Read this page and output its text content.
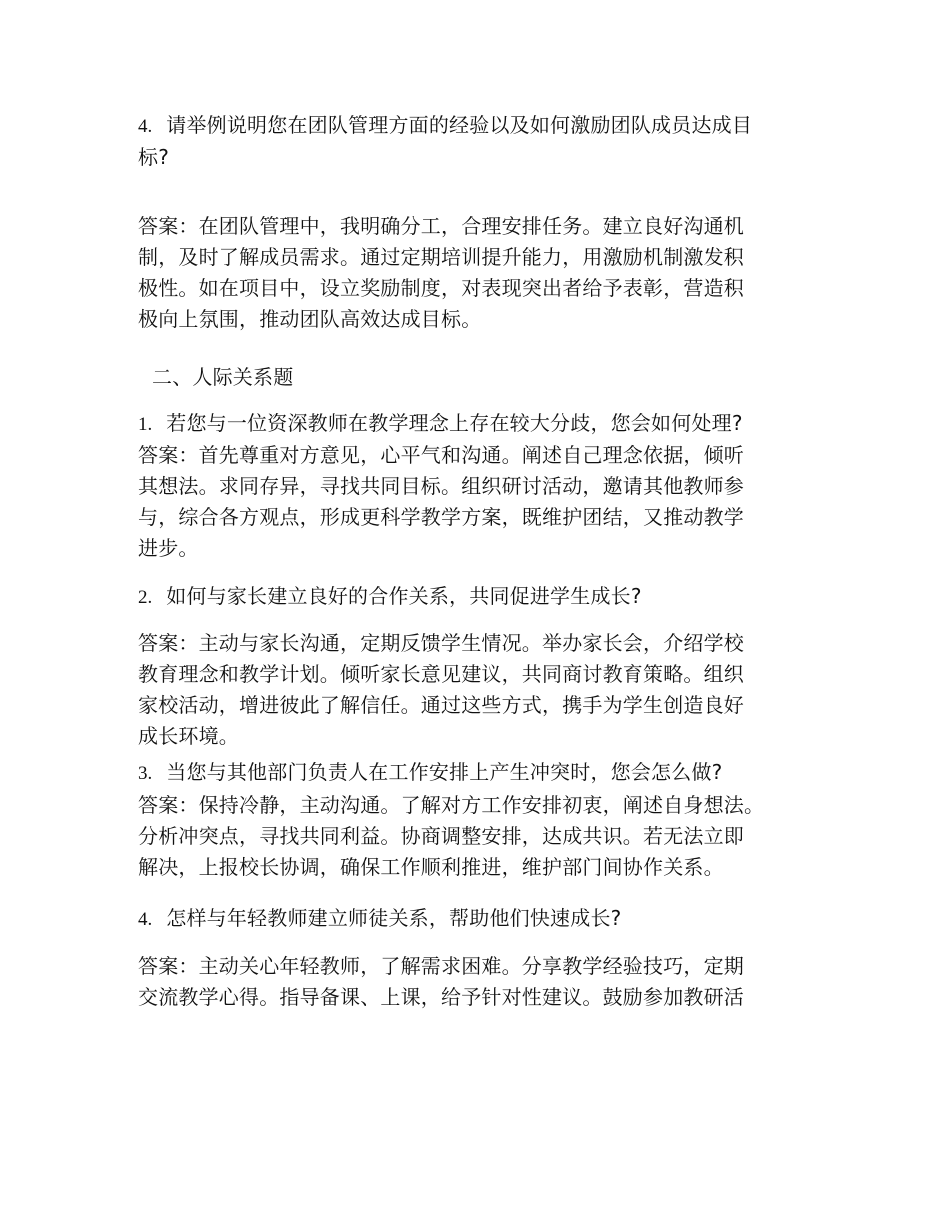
4. 请举例说明您在团队管理方面的经验以及如何激励团队成员达成目
标?
答案：在团队管理中，我明确分工，合理安排任务。建立良好沟通机
制，及时了解成员需求。通过定期培训提升能力，用激励机制激发积
极性。如在项目中，设立奖励制度，对表现突出者给予表彰，营造积
极向上氛围，推动团队高效达成目标。
二、人际关系题
1. 若您与一位资深教师在教学理念上存在较大分歧，您会如何处理?
答案：首先尊重对方意见，心平气和沟通。阐述自己理念依据，倾听
其想法。求同存异，寻找共同目标。组织研讨活动，邀请其他教师参
与，综合各方观点，形成更科学教学方案，既维护团结，又推动教学
进步。
2. 如何与家长建立良好的合作关系，共同促进学生成长?
答案：主动与家长沟通，定期反馈学生情况。举办家长会，介绍学校
教育理念和教学计划。倾听家长意见建议，共同商讨教育策略。组织
家校活动，增进彼此了解信任。通过这些方式，携手为学生创造良好
成长环境。
3. 当您与其他部门负责人在工作安排上产生冲突时，您会怎么做?
答案：保持冷静，主动沟通。了解对方工作安排初衷，阐述自身想法。
分析冲突点，寻找共同利益。协商调整安排，达成共识。若无法立即
解决，上报校长协调，确保工作顺利推进，维护部门间协作关系。
4. 怎样与年轻教师建立师徒关系，帮助他们快速成长?
答案：主动关心年轻教师，了解需求困难。分享教学经验技巧，定期
交流教学心得。指导备课、上课，给予针对性建议。鼓励参加教研活
